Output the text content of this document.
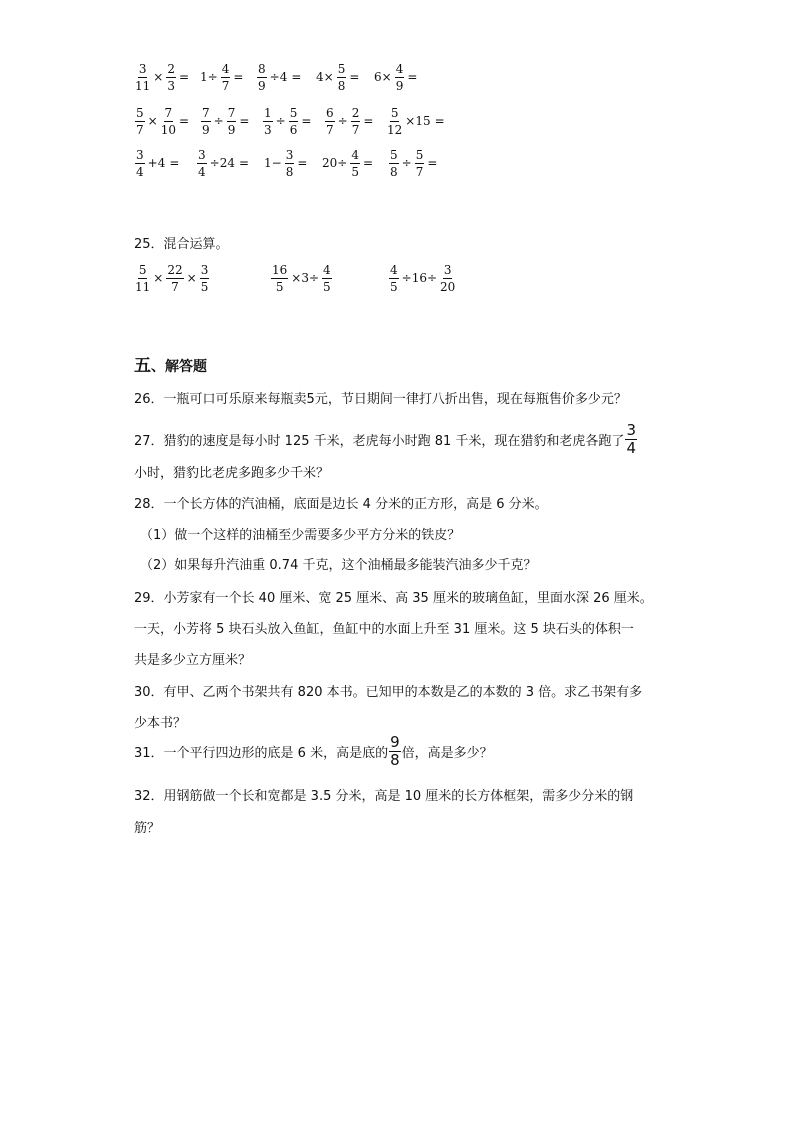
$\frac{3}{11} \times \frac{2}{3} = 1\div \frac{4}{7} = \frac{8}{9} \div 4 = 4\times \frac{5}{8} = 6\times \frac{4}{9}$ =
$\frac{5}{7} \times \frac{7}{10} = \frac{7}{9} \div \frac{7}{9} = \frac{1}{3} \div \frac{5}{6} = \frac{6}{7} \div \frac{2}{7} = \frac{5}{12} \times 15$ =
$\frac{3}{4} +4 = \frac{3}{4} \div 24 = 1- \frac{3}{8} = 20\div \frac{4}{5} = \frac{5}{8} \div \frac{5}{7}$ =
25．混合运算。
$\frac{5}{11} \times \frac{22}{7} \times \frac{3}{5}$	$\frac{16}{5} \times 3\div \frac{4}{5}$	$\frac{4}{5} \div 16\div \frac{3}{20}$
五、解答题
26．一瓶可口可乐原来每瓶卖5元，节日期间一律打八折出售，现在每瓶售价多少元？
27．猎豹的速度是每小时 125 千米，老虎每小时跑 81 千米，现在猎豹和老虎各跑了 $\frac{3}{4}$
小时，猎豹比老虎多跑多少千米？
28．一个长方体的汽油桶，底面是边长 4 分米的正方形，高是 6 分米。
（1）做一个这样的油桶至少需要多少平方分米的铁皮？
（2）如果每升汽油重 0.74 千克，这个油桶最多能装汽油多少千克？
29．小芳家有一个长 40 厘米、宽 25 厘米、高 35 厘米的玻璃鱼缸，里面水深 26 厘米。
一天，小芳将 5 块石头放入鱼缸，鱼缸中的水面上升至 31 厘米。这 5 块石头的体积一
共是多少立方厘米？
30．有甲、乙两个书架共有 820 本书。已知甲的本数是乙的本数的 3 倍。求乙书架有多
少本书？
31．一个平行四边形的底是 6 米，高是底的 $\frac{9}{8}$ 倍，高是多少？
32．用钢筋做一个长和宽都是 3.5 分米，高是 10 厘米的长方体框架，需多少分米的钢
筋？
